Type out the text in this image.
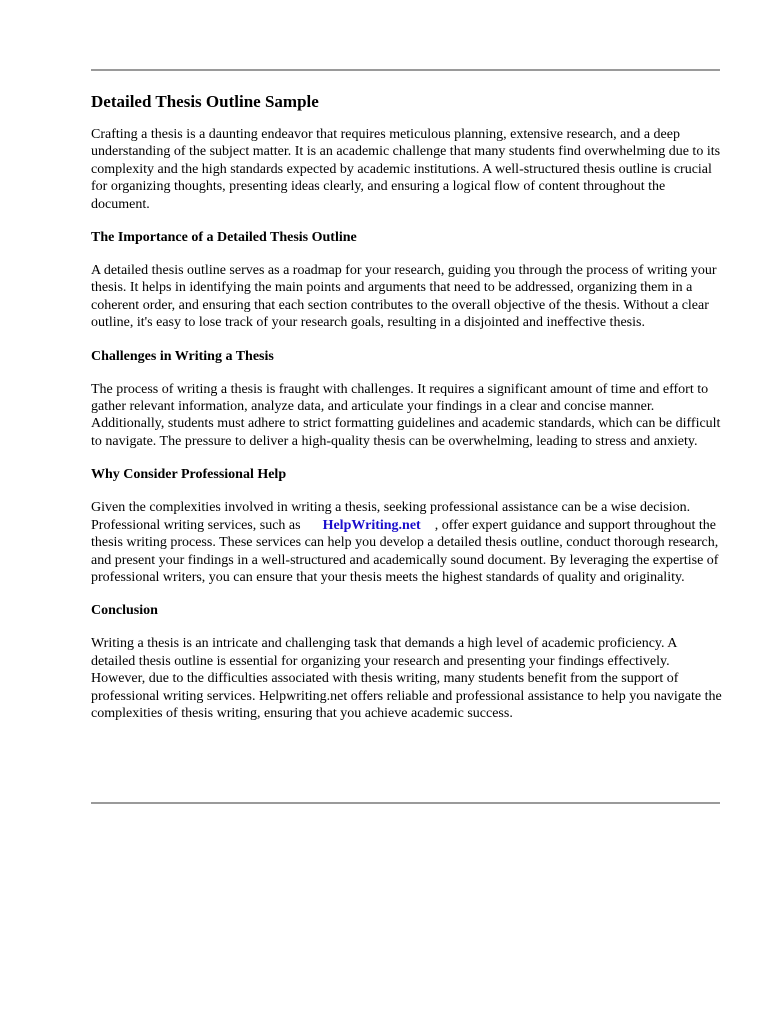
Detailed Thesis Outline Sample

Crafting a thesis is a daunting endeavor that requires meticulous planning, extensive research, and a deep understanding of the subject matter. It is an academic challenge that many students find overwhelming due to its complexity and the high standards expected by academic institutions. A well-structured thesis outline is crucial for organizing thoughts, presenting ideas clearly, and ensuring a logical flow of content throughout the document.

The Importance of a Detailed Thesis Outline

A detailed thesis outline serves as a roadmap for your research, guiding you through the process of writing your thesis. It helps in identifying the main points and arguments that need to be addressed, organizing them in a coherent order, and ensuring that each section contributes to the overall objective of the thesis. Without a clear outline, it's easy to lose track of your research goals, resulting in a disjointed and ineffective thesis.

Challenges in Writing a Thesis

The process of writing a thesis is fraught with challenges. It requires a significant amount of time and effort to gather relevant information, analyze data, and articulate your findings in a clear and concise manner. Additionally, students must adhere to strict formatting guidelines and academic standards, which can be difficult to navigate. The pressure to deliver a high-quality thesis can be overwhelming, leading to stress and anxiety.

Why Consider Professional Help

Given the complexities involved in writing a thesis, seeking professional assistance can be a wise decision. Professional writing services, such as HelpWriting.net , offer expert guidance and support throughout the thesis writing process. These services can help you develop a detailed thesis outline, conduct thorough research, and present your findings in a well-structured and academically sound document. By leveraging the expertise of professional writers, you can ensure that your thesis meets the highest standards of quality and originality.

Conclusion

Writing a thesis is an intricate and challenging task that demands a high level of academic proficiency. A detailed thesis outline is essential for organizing your research and presenting your findings effectively. However, due to the difficulties associated with thesis writing, many students benefit from the support of professional writing services. Helpwriting.net offers reliable and professional assistance to help you navigate the complexities of thesis writing, ensuring that you achieve academic success.
